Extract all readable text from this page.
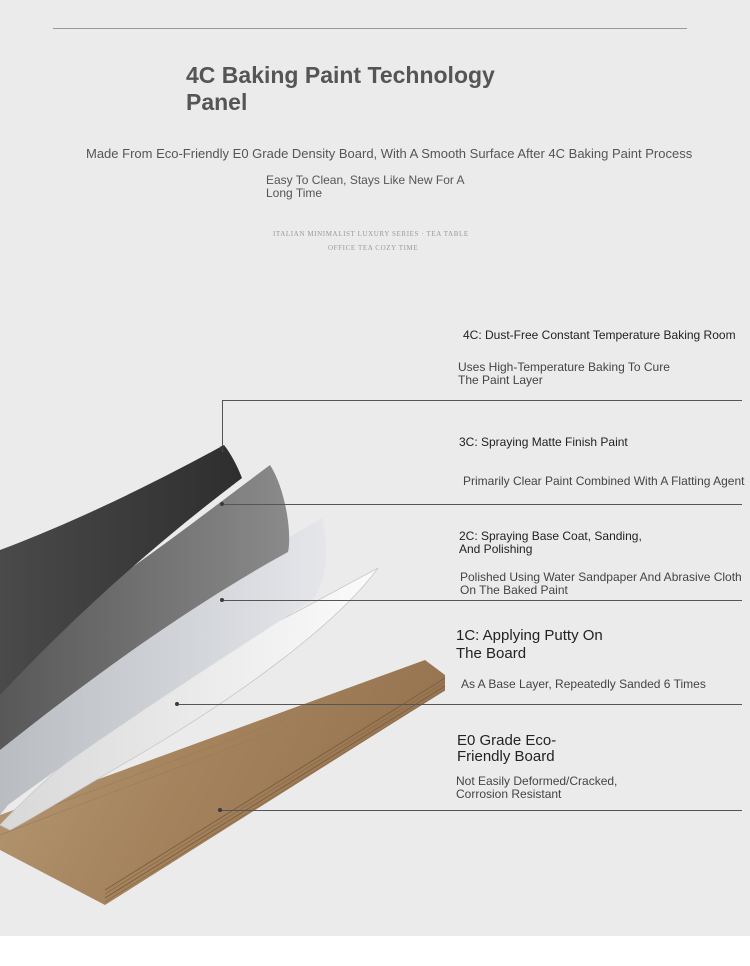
4C Baking Paint Technology Panel
Made From Eco-Friendly E0 Grade Density Board, With A Smooth Surface After 4C Baking Paint Process
Easy To Clean, Stays Like New For A Long Time
ITALIAN MINIMALIST LUXURY SERIES · TEA TABLE
OFFICE TEA COZY TIME
4C: Dust-Free Constant Temperature Baking Room
Uses High-Temperature Baking To Cure The Paint Layer
3C: Spraying Matte Finish Paint
Primarily Clear Paint Combined With A Flatting Agent
2C: Spraying Base Coat, Sanding, And Polishing
Polished Using Water Sandpaper And Abrasive Cloth On The Baked Paint
1C: Applying Putty On The Board
As A Base Layer, Repeatedly Sanded 6 Times
E0 Grade Eco-Friendly Board
Not Easily Deformed/Cracked, Corrosion Resistant
